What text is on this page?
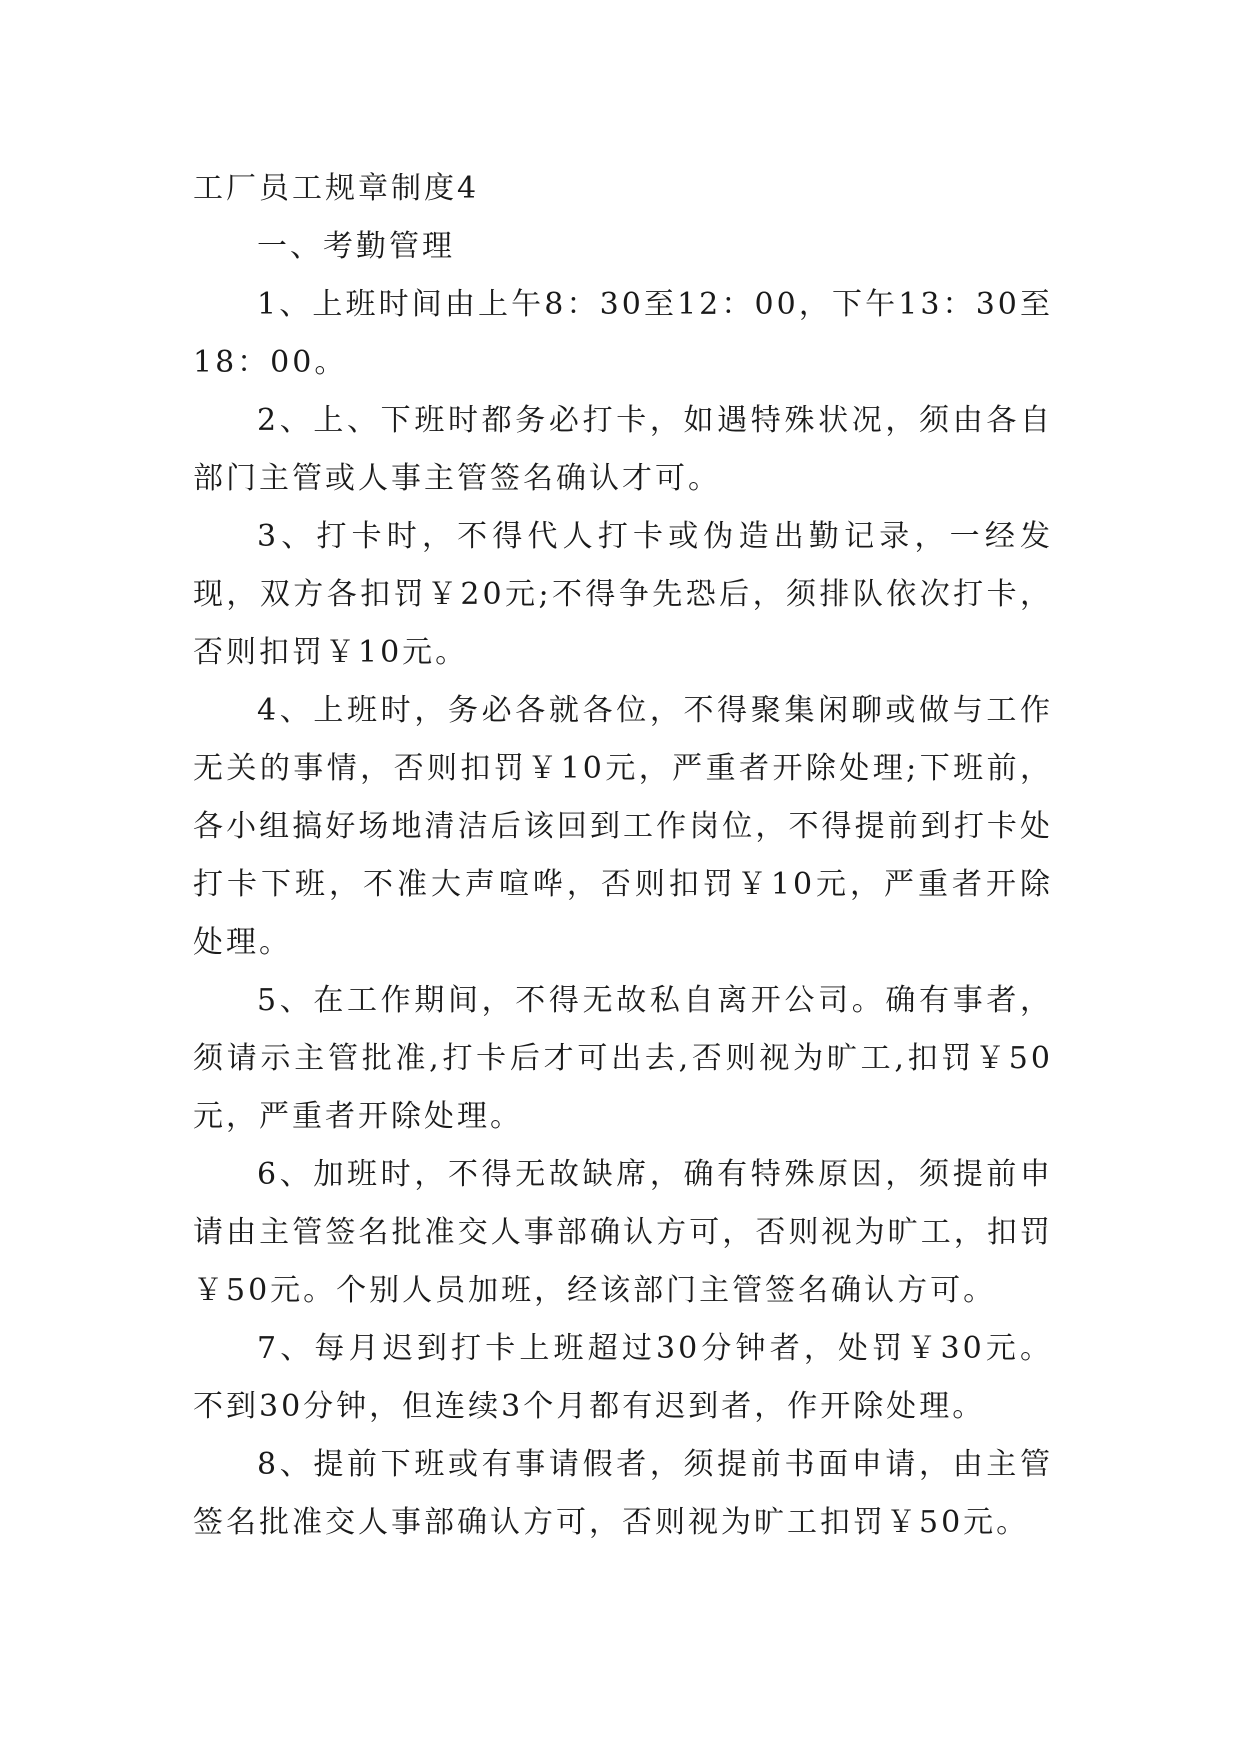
工厂员工规章制度4

一、考勤管理

1、上班时间由上午8：30至12：00，下午13：30至18：00。

2、上、下班时都务必打卡，如遇特殊状况，须由各自部门主管或人事主管签名确认才可。

3、打卡时，不得代人打卡或伪造出勤记录，一经发现，双方各扣罚￥20元;不得争先恐后，须排队依次打卡，否则扣罚￥10元。

4、上班时，务必各就各位，不得聚集闲聊或做与工作无关的事情，否则扣罚￥10元，严重者开除处理;下班前，各小组搞好场地清洁后该回到工作岗位，不得提前到打卡处打卡下班，不准大声喧哗，否则扣罚￥10元，严重者开除处理。

5、在工作期间，不得无故私自离开公司。确有事者，须请示主管批准,打卡后才可出去,否则视为旷工,扣罚￥50元，严重者开除处理。

6、加班时，不得无故缺席，确有特殊原因，须提前申请由主管签名批准交人事部确认方可，否则视为旷工，扣罚￥50元。个别人员加班，经该部门主管签名确认方可。

7、每月迟到打卡上班超过30分钟者，处罚￥30元。不到30分钟，但连续3个月都有迟到者，作开除处理。

8、提前下班或有事请假者，须提前书面申请，由主管签名批准交人事部确认方可，否则视为旷工扣罚￥50元。
